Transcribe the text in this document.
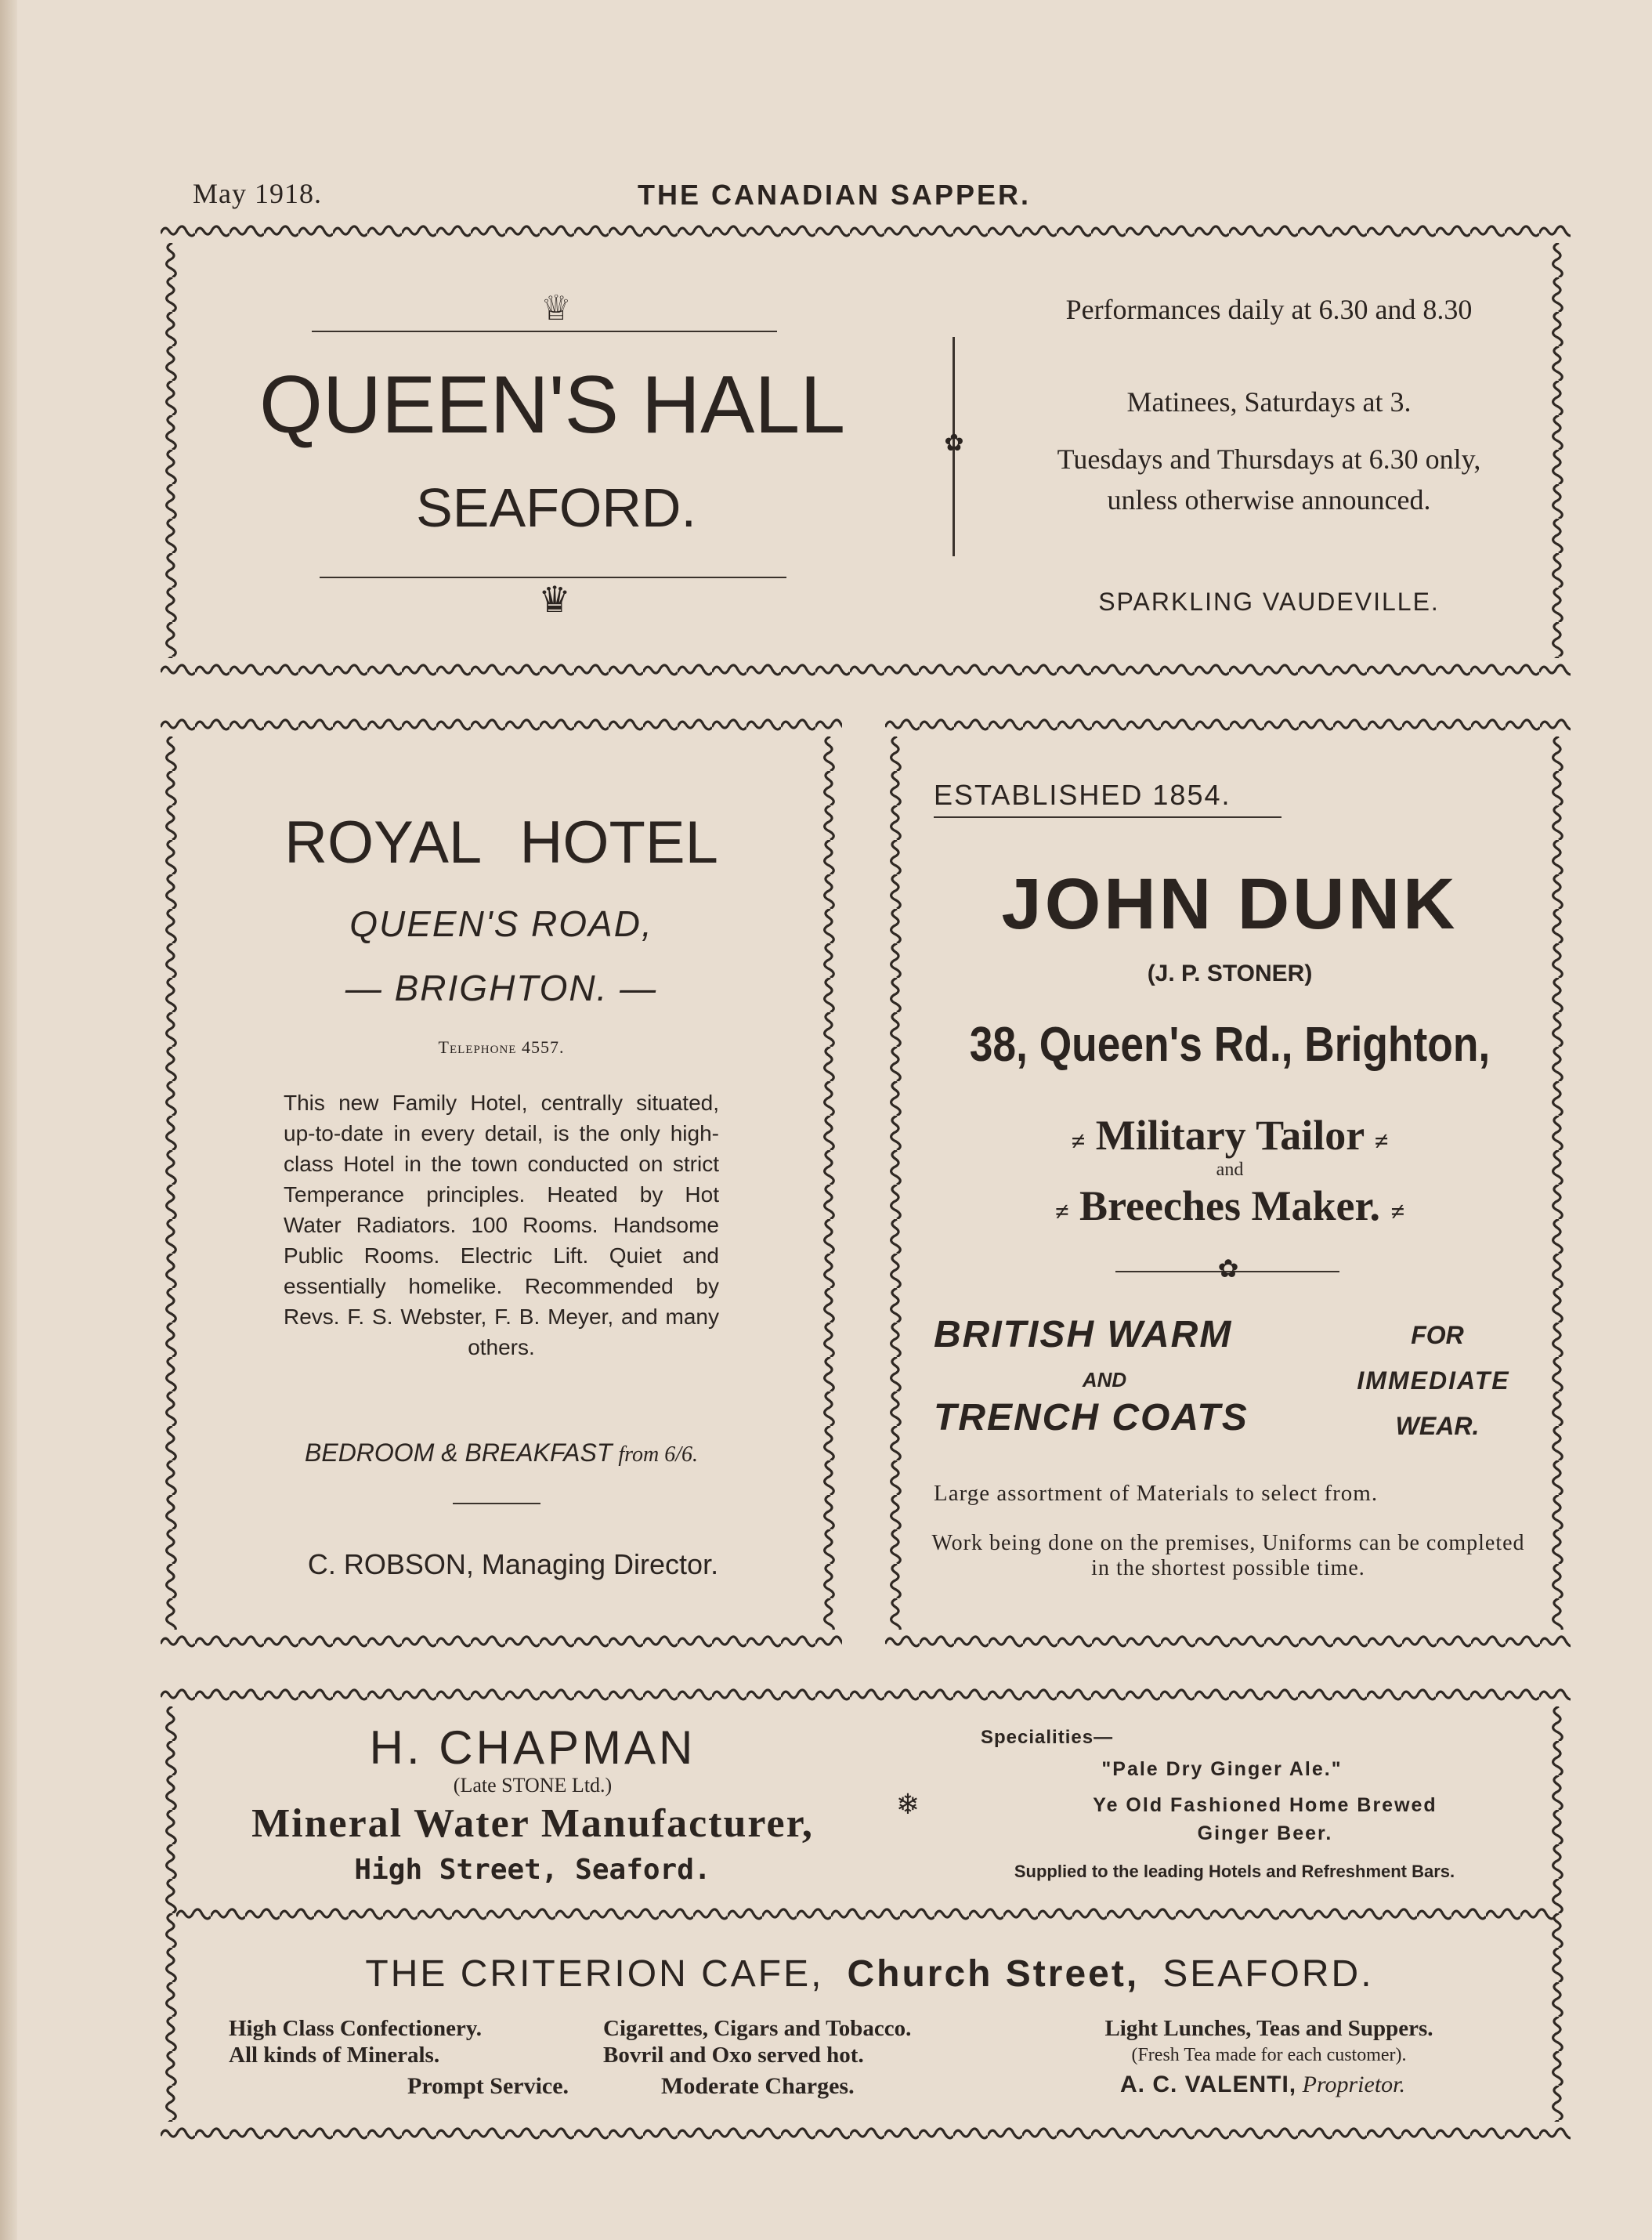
May 1918.	THE CANADIAN SAPPER.
♕
QUEEN'S HALL
SEAFORD.
♛
✿
Performances daily at 6.30 and 8.30
Matinees, Saturdays at 3.
Tuesdays and Thursdays at 6.30 only, unless otherwise announced.
SPARKLING VAUDEVILLE.
ROYAL HOTEL
QUEEN'S ROAD,
— BRIGHTON. —
Telephone 4557.
This new Family Hotel, centrally situated, up-to-date in every detail, is the only high-class Hotel in the town conducted on strict Temperance principles. Heated by Hot Water Radiators. 100 Rooms. Handsome Public Rooms. Electric Lift. Quiet and essentially homelike. Recommended by Revs. F. S. Webster, F. B. Meyer, and many others.
BEDROOM & BREAKFAST from 6/6.
C. ROBSON, Managing Director.
ESTABLISHED 1854.
JOHN DUNK
(J. P. STONER)
38, Queen's Rd., Brighton,
≠ Military Tailor ≠
and
≠ Breeches Maker. ≠
✿
BRITISH WARM
AND
TRENCH COATS
FOR
IMMEDIATE
WEAR.
Large assortment of Materials to select from.
Work being done on the premises, Uniforms can be completed in the shortest possible time.
H. CHAPMAN
(Late STONE Ltd.)
Mineral Water Manufacturer,
High Street, Seaford.
❄
Specialities—
"Pale Dry Ginger Ale."
Ye Old Fashioned Home Brewed
Ginger Beer.
Supplied to the leading Hotels and Refreshment Bars.
THE CRITERION CAFE, Church Street, SEAFORD.
High Class Confectionery.
All kinds of Minerals.
Cigarettes, Cigars and Tobacco.
Bovril and Oxo served hot.
Light Lunches, Teas and Suppers.
(Fresh Tea made for each customer).
Prompt Service.	Moderate Charges.	A. C. VALENTI, Proprietor.
